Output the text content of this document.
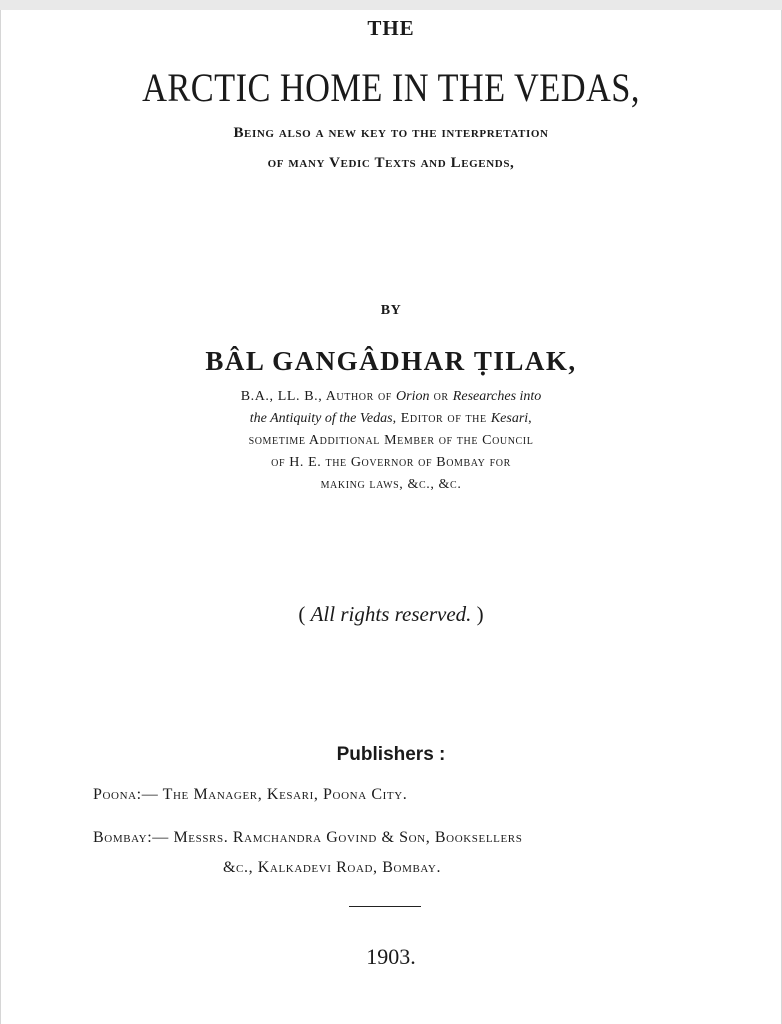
THE
ARCTIC HOME IN THE VEDAS,
Being also a new key to the interpretation
of many Vedic Texts and Legends,
BY
BÂL GANGÂDHAR ṬILAK,
B.A., LL. B., Author of Orion or Researches into
the Antiquity of the Vedas, Editor of the Kesari,
sometime Additional Member of the Council
of H. E. the Governor of Bombay for
making laws, &c., &c.
( All rights reserved. )
Publishers :
Poona:— The Manager, Kesari, Poona City.
Bombay:— Messrs. Ramchandra Govind & Son, Booksellers
&c., Kalkadevi Road, Bombay.
1903.
